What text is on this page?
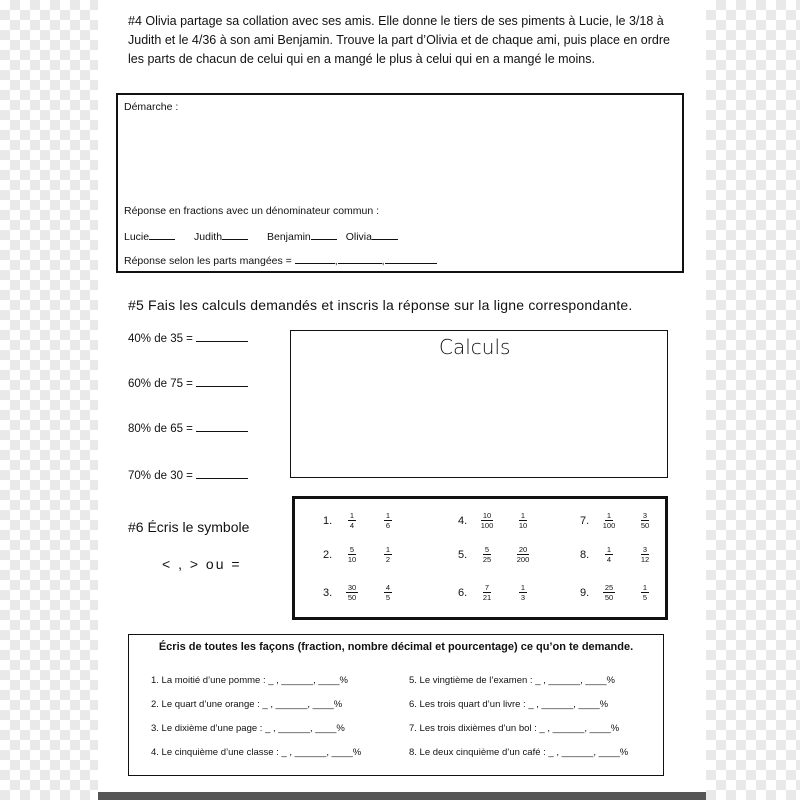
#4 Olivia partage sa collation avec ses amis. Elle donne le tiers de ses piments à Lucie, le 3/18 à Judith et le 4/36 à son ami Benjamin. Trouve la part d’Olivia et de chaque ami, puis place en ordre les parts de chacun de celui qui en a mangé le plus à celui qui en a mangé le moins.
Démarche :
Réponse en fractions avec un dénominateur commun :
Lucie	Judith	Benjamin	Olivia
Réponse selon les parts mangées =	,	,
#5 Fais les calculs demandés et inscris la réponse sur la ligne correspondante.
40% de 35 =
60% de 75 =
80% de 65 =
70% de 30 =
Calculs
#6 Écris le symbole
< , > ou =
1.	$\frac{1}{4} \frac{1}{6}$	4.	$\frac{10}{100} \frac{1}{10}$	7.	$\frac{1}{100} \frac{3}{50}$
2.	$\frac{5}{10} \frac{1}{2}$	5.	$\frac{5}{25} \frac{20}{200}$	8.	$\frac{1}{4} \frac{3}{12}$
3.	$\frac{30}{50} \frac{4}{5}$	6.	$\frac{7}{21} \frac{1}{3}$	9.	$\frac{25}{50} \frac{1}{5}$
Écris de toutes les façons (fraction, nombre décimal et pourcentage) ce qu’on te demande.
1. La moitié d’une pomme : _ , ______, ____%	5. Le vingtième de l’examen : _ , ______, ____%
2. Le quart d’une orange : _ , ______, ____%	6. Les trois quart d’un livre : _ , ______, ____%
3. Le dixième d’une page : _ , ______, ____%	7. Les trois dixièmes d’un bol : _ , ______, ____%
4. Le cinquième d’une classe : _ , ______, ____%	8. Le deux cinquième d’un café : _ , ______, ____%
